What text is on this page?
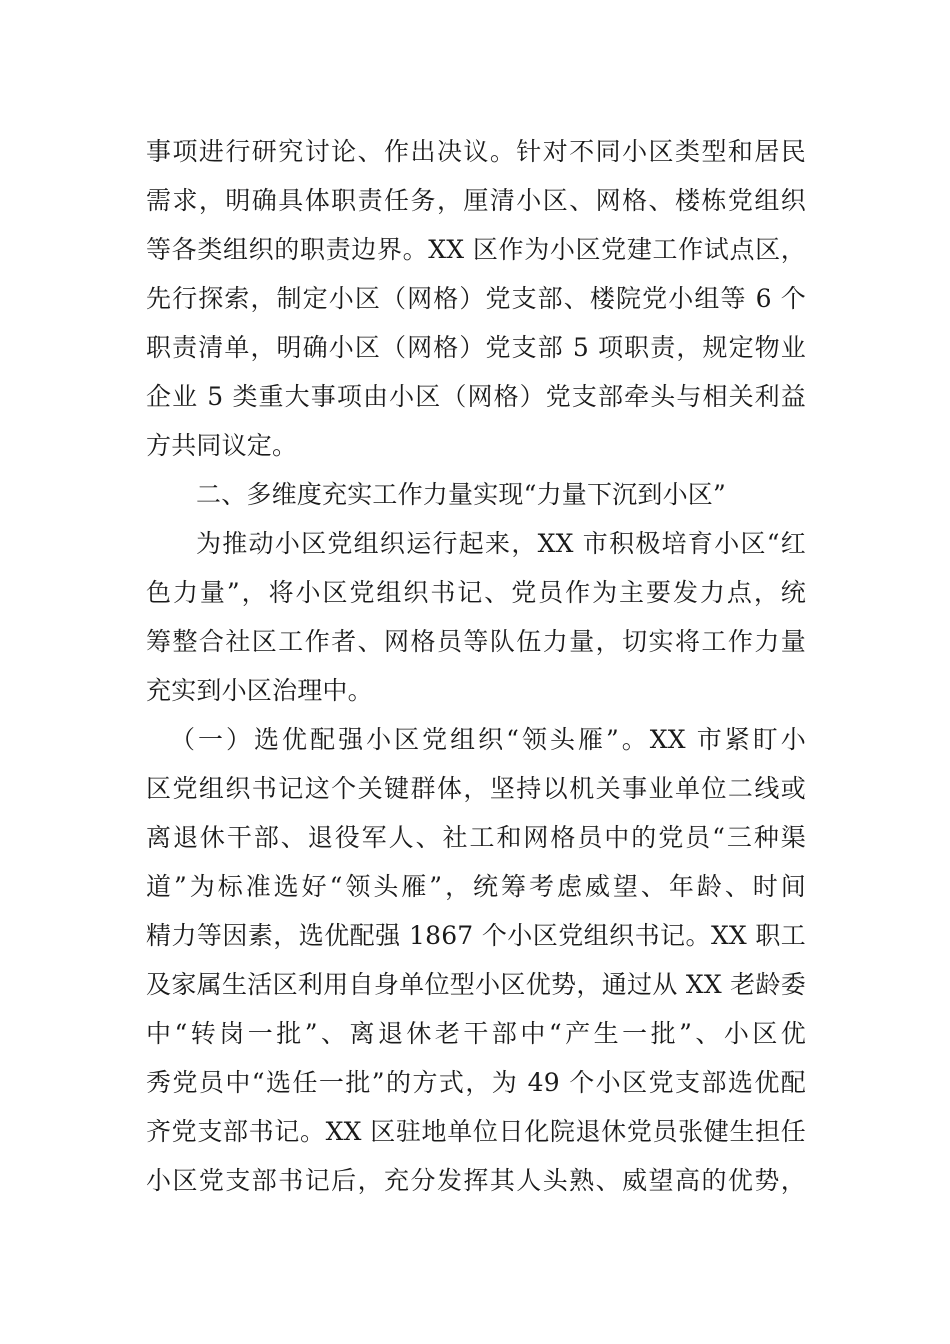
事项进行研究讨论、作出决议。针对不同小区类型和居民

需求，明确具体职责任务，厘清小区、网格、楼栋党组织

等各类组织的职责边界。XX 区作为小区党建工作试点区，

先行探索，制定小区（网格）党支部、楼院党小组等 6 个

职责清单，明确小区（网格）党支部 5 项职责，规定物业

企业 5 类重大事项由小区（网格）党支部牵头与相关利益

方共同议定。

二、多维度充实工作力量实现“力量下沉到小区”

为推动小区党组织运行起来，XX 市积极培育小区“红

色力量”，将小区党组织书记、党员作为主要发力点，统

筹整合社区工作者、网格员等队伍力量，切实将工作力量

充实到小区治理中。

（一）选优配强小区党组织“领头雁”。XX 市紧盯小

区党组织书记这个关键群体，坚持以机关事业单位二线或

离退休干部、退役军人、社工和网格员中的党员“三种渠

道”为标准选好“领头雁”，统筹考虑威望、年龄、时间

精力等因素，选优配强 1867 个小区党组织书记。XX 职工

及家属生活区利用自身单位型小区优势，通过从 XX 老龄委

中“转岗一批”、离退休老干部中“产生一批”、小区优

秀党员中“选任一批”的方式，为 49 个小区党支部选优配

齐党支部书记。XX 区驻地单位日化院退休党员张健生担任

小区党支部书记后，充分发挥其人头熟、威望高的优势，
